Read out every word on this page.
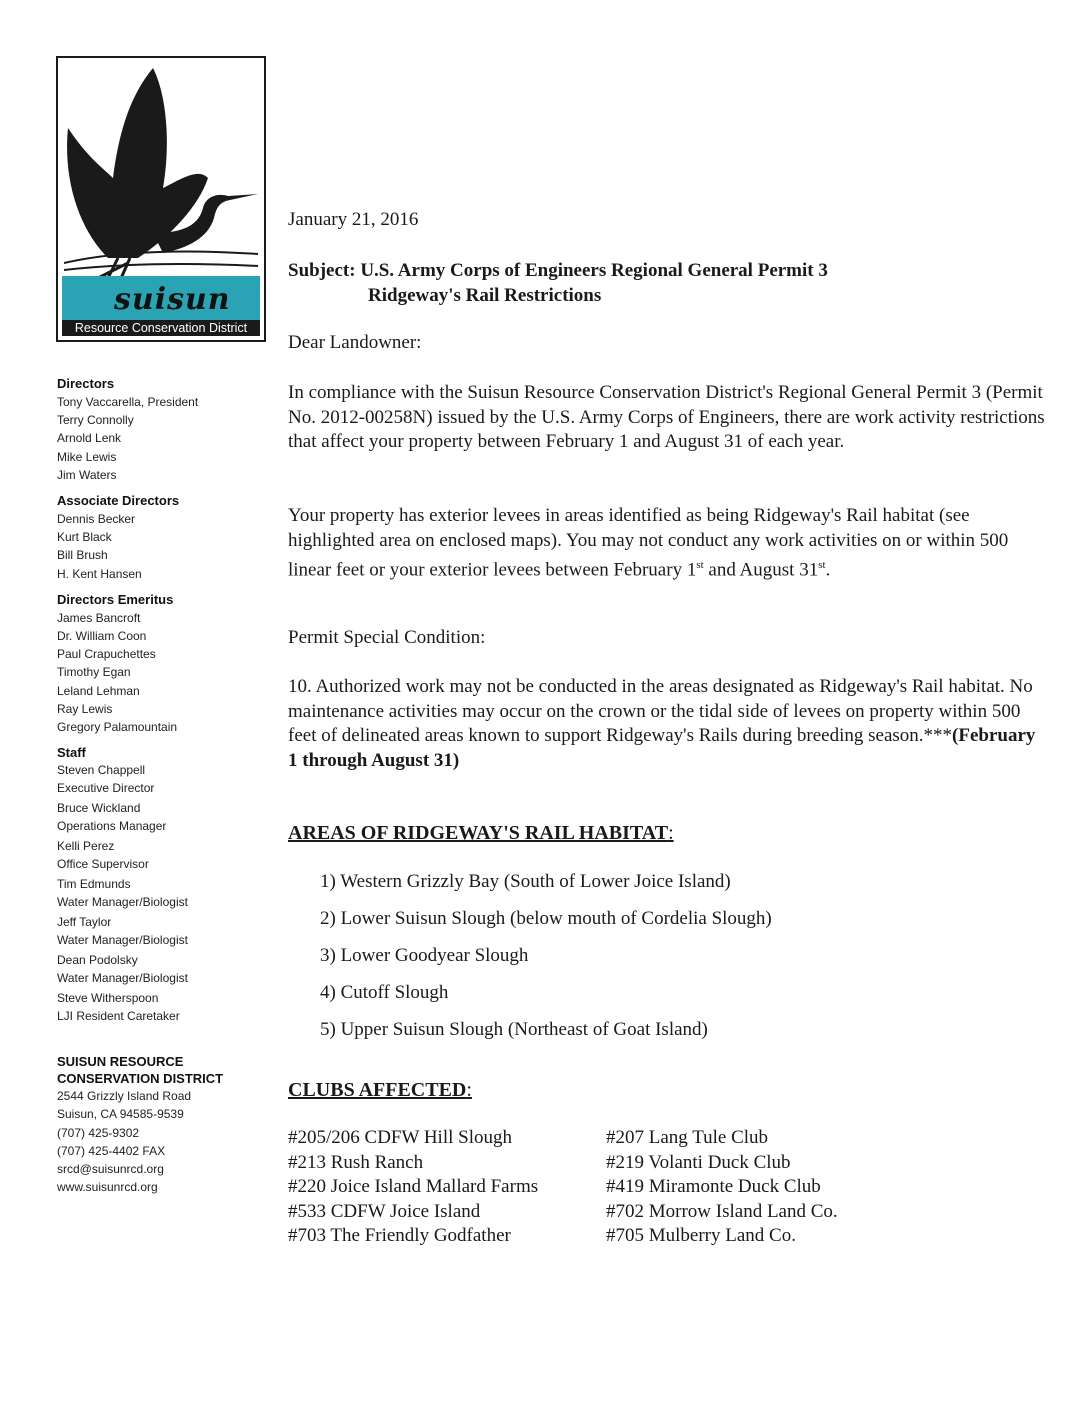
suisun
Resource Conservation District
Directors
Tony Vaccarella, President
Terry Connolly
Arnold Lenk
Mike Lewis
Jim Waters
Associate Directors
Dennis Becker
Kurt Black
Bill Brush
H. Kent Hansen
Directors Emeritus
James Bancroft
Dr. William Coon
Paul Crapuchettes
Timothy Egan
Leland Lehman
Ray Lewis
Gregory Palamountain
Staff
Steven Chappell
Executive Director
Bruce Wickland
Operations Manager
Kelli Perez
Office Supervisor
Tim Edmunds
Water Manager/Biologist
Jeff Taylor
Water Manager/Biologist
Dean Podolsky
Water Manager/Biologist
Steve Witherspoon
LJI Resident Caretaker
SUISUN RESOURCE
CONSERVATION DISTRICT
2544 Grizzly Island Road
Suisun, CA 94585-9539
(707) 425-9302
(707) 425-4402 FAX
srcd@suisunrcd.org
www.suisunrcd.org

January 21, 2016

Subject: U.S. Army Corps of Engineers Regional General Permit 3
Ridgeway's Rail Restrictions

Dear Landowner:

In compliance with the Suisun Resource Conservation District's Regional General Permit 3 (Permit No. 2012-00258N) issued by the U.S. Army Corps of Engineers, there are work activity restrictions that affect your property between February 1 and August 31 of each year.

Your property has exterior levees in areas identified as being Ridgeway's Rail habitat (see highlighted area on enclosed maps). You may not conduct any work activities on or within 500 linear feet or your exterior levees between February 1st and August 31st.

Permit Special Condition:

10. Authorized work may not be conducted in the areas designated as Ridgeway's Rail habitat. No maintenance activities may occur on the crown or the tidal side of levees on property within 500 feet of delineated areas known to support Ridgeway's Rails during breeding season.***(February 1 through August 31)

AREAS OF RIDGEWAY'S RAIL HABITAT:

1) Western Grizzly Bay (South of Lower Joice Island)
2) Lower Suisun Slough (below mouth of Cordelia Slough)
3) Lower Goodyear Slough
4) Cutoff Slough
5) Upper Suisun Slough (Northeast of Goat Island)

CLUBS AFFECTED:

#205/206 CDFW Hill Slough	#207 Lang Tule Club
#213 Rush Ranch	#219 Volanti Duck Club
#220 Joice Island Mallard Farms	#419 Miramonte Duck Club
#533 CDFW Joice Island	#702 Morrow Island Land Co.
#703 The Friendly Godfather	#705 Mulberry Land Co.
